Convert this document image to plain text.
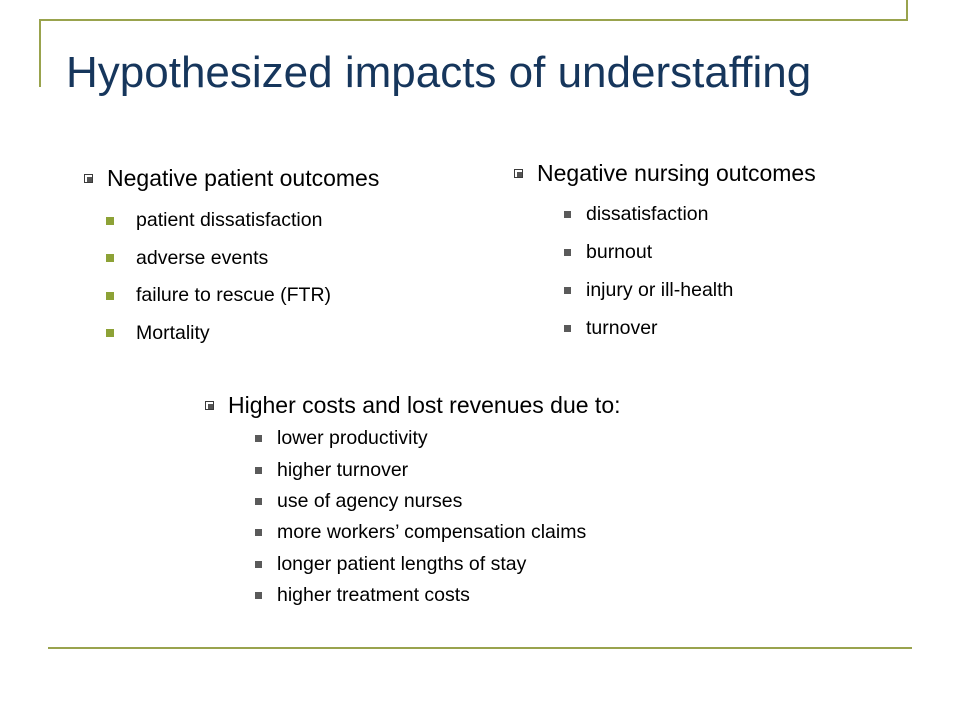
Hypothesized impacts of understaffing
Negative patient outcomes
patient dissatisfaction
adverse events
failure to rescue (FTR)
Mortality
Negative nursing outcomes
dissatisfaction
burnout
injury or ill-health
turnover
Higher costs and lost revenues due to:
lower productivity
higher turnover
use of agency nurses
more workers’ compensation claims
longer patient lengths of stay
higher treatment costs
